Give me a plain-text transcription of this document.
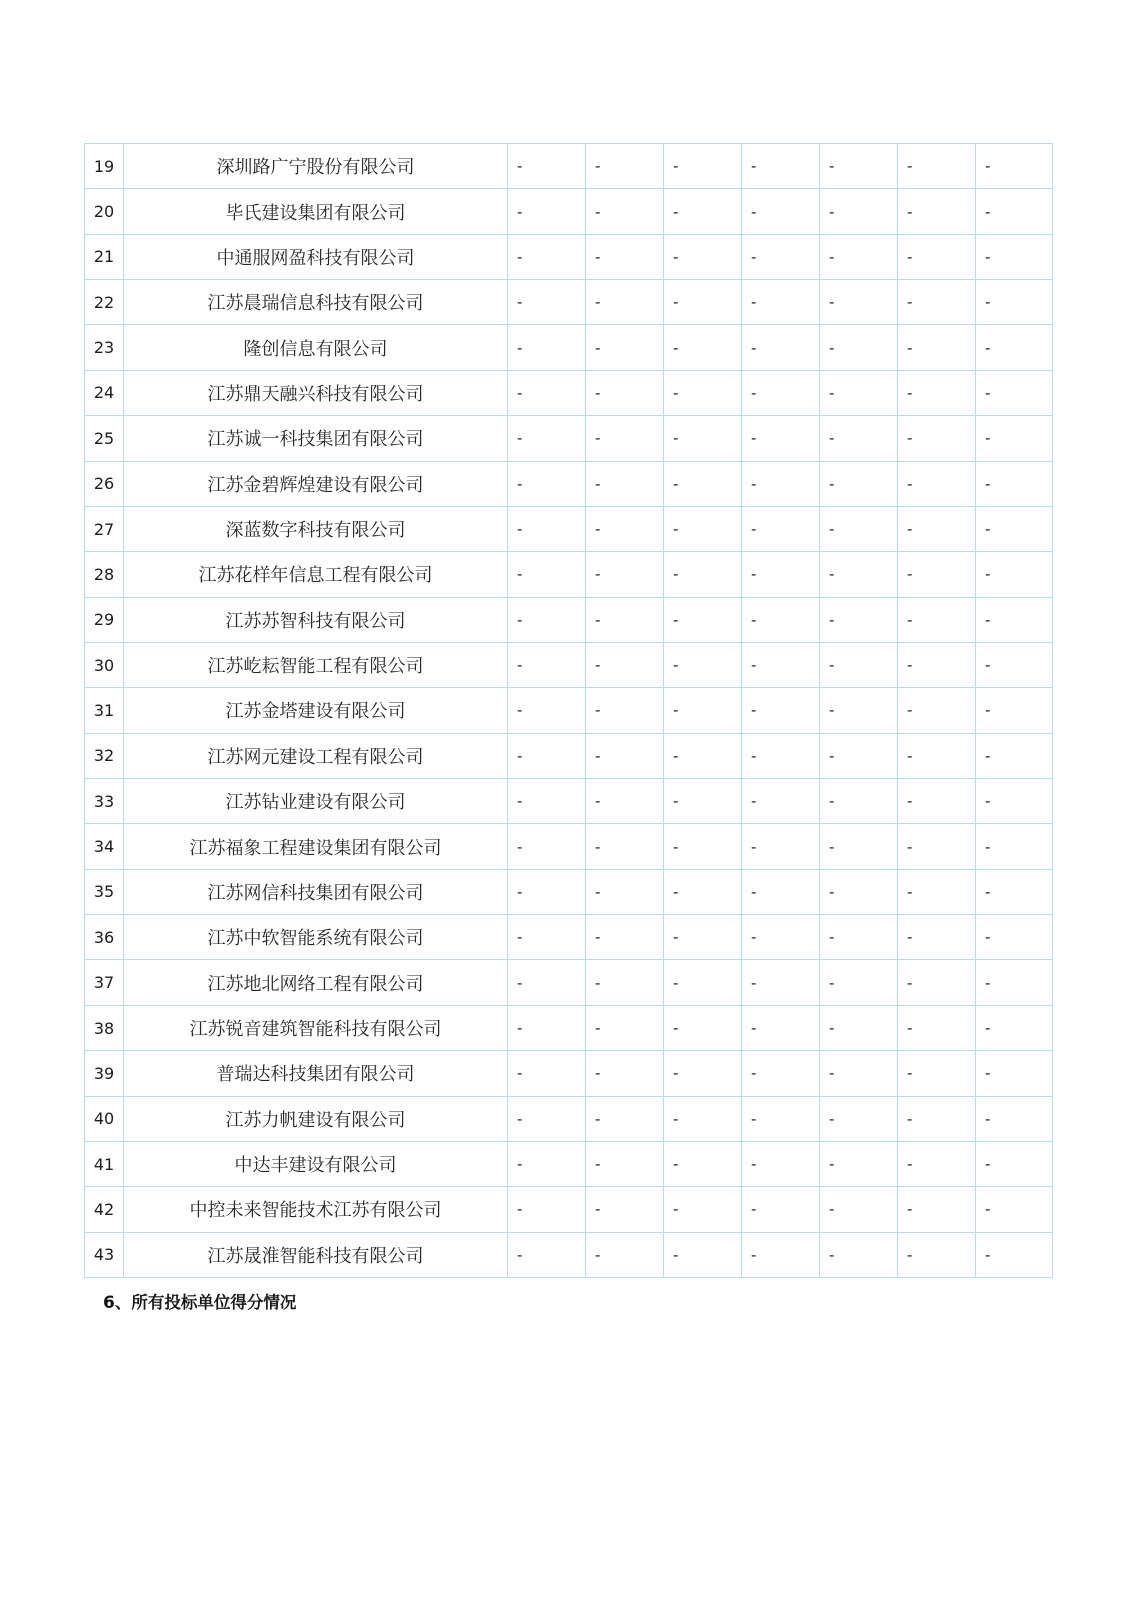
19	深圳路广宁股份有限公司	-	-	-	-	-	-	-
20	毕氏建设集团有限公司	-	-	-	-	-	-	-
21	中通服网盈科技有限公司	-	-	-	-	-	-	-
22	江苏晨瑞信息科技有限公司	-	-	-	-	-	-	-
23	隆创信息有限公司	-	-	-	-	-	-	-
24	江苏鼎天融兴科技有限公司	-	-	-	-	-	-	-
25	江苏诚一科技集团有限公司	-	-	-	-	-	-	-
26	江苏金碧辉煌建设有限公司	-	-	-	-	-	-	-
27	深蓝数字科技有限公司	-	-	-	-	-	-	-
28	江苏花样年信息工程有限公司	-	-	-	-	-	-	-
29	江苏苏智科技有限公司	-	-	-	-	-	-	-
30	江苏屹耘智能工程有限公司	-	-	-	-	-	-	-
31	江苏金塔建设有限公司	-	-	-	-	-	-	-
32	江苏网元建设工程有限公司	-	-	-	-	-	-	-
33	江苏钻业建设有限公司	-	-	-	-	-	-	-
34	江苏福象工程建设集团有限公司	-	-	-	-	-	-	-
35	江苏网信科技集团有限公司	-	-	-	-	-	-	-
36	江苏中软智能系统有限公司	-	-	-	-	-	-	-
37	江苏地北网络工程有限公司	-	-	-	-	-	-	-
38	江苏锐音建筑智能科技有限公司	-	-	-	-	-	-	-
39	普瑞达科技集团有限公司	-	-	-	-	-	-	-
40	江苏力帆建设有限公司	-	-	-	-	-	-	-
41	中达丰建设有限公司	-	-	-	-	-	-	-
42	中控未来智能技术江苏有限公司	-	-	-	-	-	-	-
43	江苏晟淮智能科技有限公司	-	-	-	-	-	-	-
6、所有投标单位得分情况
